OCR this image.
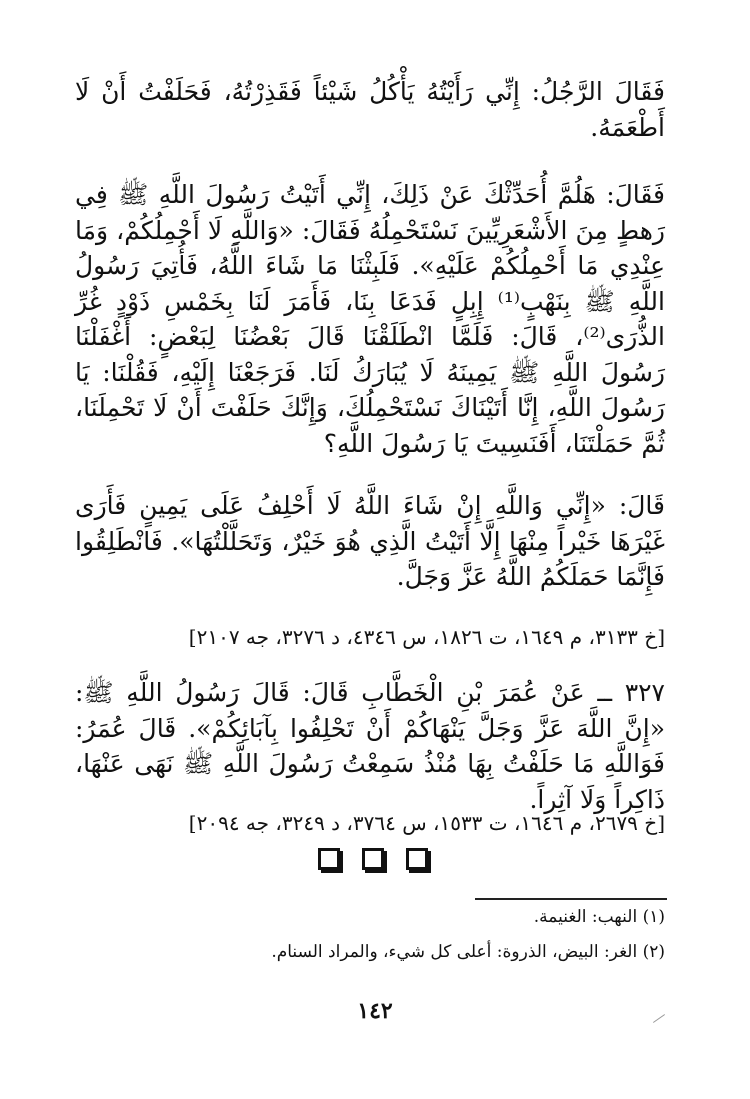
فَقَالَ الرَّجُلُ: إِنِّي رَأَيْتُهُ يَأْكُلُ شَيْئاً فَقَذِرْتُهُ، فَحَلَفْتُ أَنْ لَا أَطْعَمَهُ.

فَقَالَ: هَلُمَّ أُحَدِّثْكَ عَنْ ذَلِكَ، إِنِّي أَتَيْتُ رَسُولَ اللَّهِ ﷺ فِي رَهطٍ مِنَ الأَشْعَرِيِّينَ نَسْتَحْمِلُهُ فَقَالَ: «وَاللَّهِ لَا أَحْمِلُكُمْ، وَمَا عِنْدِي مَا أَحْمِلُكُمْ عَلَيْهِ». فَلَبِثْنَا مَا شَاءَ اللَّهُ، فَأُتِيَ رَسُولُ اللَّهِ ﷺ بِنَهْبٍ⁽¹⁾ إِبِلٍ فَدَعَا بِنَا، فَأَمَرَ لَنَا بِخَمْسِ ذَوْدٍ غُرِّ الذُّرَى⁽²⁾، قَالَ: فَلَمَّا انْطَلَقْنَا قَالَ بَعْضُنَا لِبَعْضٍ: أَغْفَلْنَا رَسُولَ اللَّهِ ﷺ يَمِينَهُ لَا يُبَارَكُ لَنَا. فَرَجَعْنَا إِلَيْهِ، فَقُلْنَا: يَا رَسُولَ اللَّهِ، إِنَّا أَتَيْنَاكَ نَسْتَحْمِلُكَ، وَإِنَّكَ حَلَفْتَ أَنْ لَا تَحْمِلَنَا، ثُمَّ حَمَلْتَنَا، أَفَنَسِيتَ يَا رَسُولَ اللَّهِ؟

قَالَ: «إِنِّي وَاللَّهِ إِنْ شَاءَ اللَّهُ لَا أَحْلِفُ عَلَى يَمِينٍ فَأَرَى غَيْرَهَا خَيْراً مِنْهَا إِلَّا أَتَيْتُ الَّذِي هُوَ خَيْرٌ، وَتَحَلَّلْتُهَا». فَانْطَلِقُوا فَإِنَّمَا حَمَلَكُمُ اللَّهُ عَزَّ وَجَلَّ.

[خ ٣١٣٣، م ١٦٤٩، ت ١٨٢٦، س ٤٣٤٦، د ٣٢٧٦، جه ٢١٠٧]

٣٢٧ ــ عَنْ عُمَرَ بْنِ الْخَطَّابِ قَالَ: قَالَ رَسُولُ اللَّهِ ﷺ: «إِنَّ اللَّهَ عَزَّ وَجَلَّ يَنْهَاكُمْ أَنْ تَحْلِفُوا بِآبَائِكُمْ». قَالَ عُمَرُ: فَوَاللَّهِ مَا حَلَفْتُ بِهَا مُنْذُ سَمِعْتُ رَسُولَ اللَّهِ ﷺ نَهَى عَنْهَا، ذَاكِراً وَلَا آثِراً.

[خ ٢٦٧٩، م ١٦٤٦، ت ١٥٣٣، س ٣٧٦٤، د ٣٢٤٩، جه ٢٠٩٤]
(١) النهب: الغنيمة.
(٢) الغر: البيض، الذروة: أعلى كل شيء، والمراد السنام.
١٤٢
